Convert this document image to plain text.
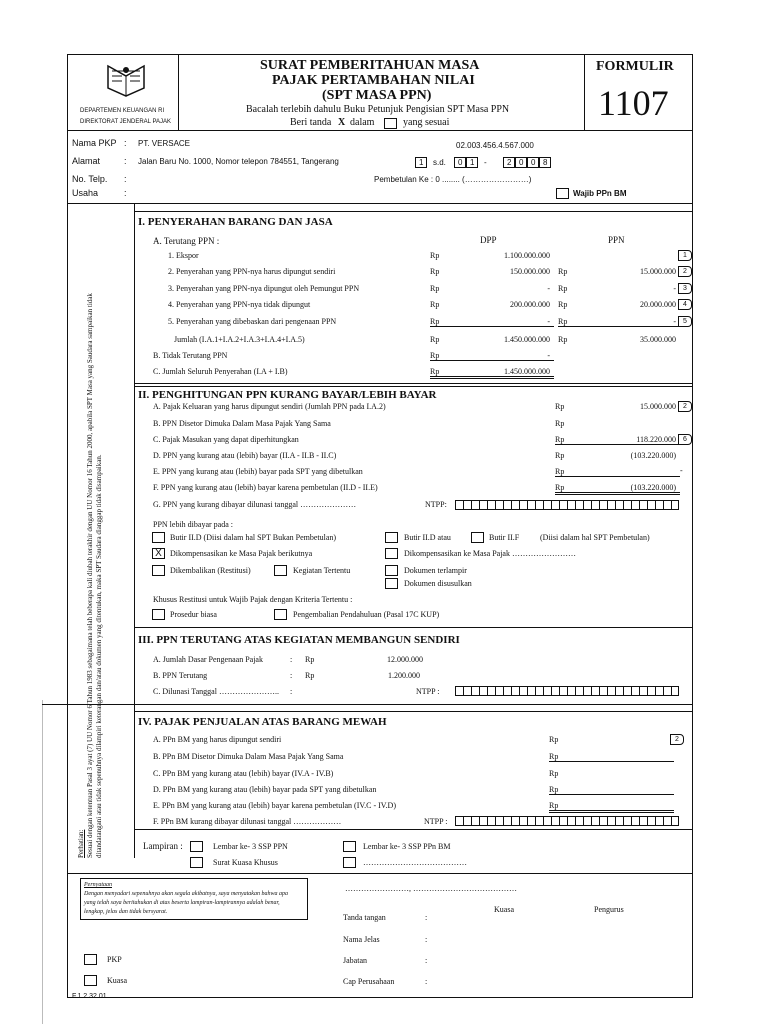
DEPARTEMEN KEUANGAN RI
DIREKTORAT JENDERAL PAJAK
SURAT PEMBERITAHUAN MASA
PAJAK PERTAMBAHAN NILAI
(SPT MASA PPN)
Bacalah terlebih dahulu Buku Petunjuk Pengisian SPT Masa PPN
Beri tanda X dalam	yang sesuai
FORMULIR
1107
Nama PKP : PT. VERSACE	02.003.456.4.567.000
Alamat	: Jalan Baru No. 1000, Nomor telepon 784551, Tangerang	1	s.d.	0 1	-	2 0 0 8
No. Telp. :	Pembetulan Ke : 0 ........ (……………………)
Usaha	:	Wajib PPn BM
Perhatian: Sesuai dengan ketentuan Pasal 3 ayat (7) UU Nomor 6 Tahun 1983 sebagaimana telah beberapa kali diubah terakhir dengan UU Nomor 16 Tahun 2000, apabila SPT Masa yang Saudara sampaikan tidak ditandatangani atau tidak sepenuhnya dilampiri keterangan dan/atau dokumen yang ditentukan, maka SPT Saudara dianggap tidak disampaikan.
I. PENYERAHAN BARANG DAN JASA
A. Terutang PPN :	DPP	PPN
1. Ekspor	Rp	1.100.000.000	1
2. Penyerahan yang PPN-nya harus dipungut sendiri	Rp	150.000.000 Rp	15.000.000	2
3. Penyerahan yang PPN-nya dipungut oleh Pemungut PPN	Rp	- Rp	-	3
4. Penyerahan yang PPN-nya tidak dipungut	Rp	200.000.000 Rp	20.000.000	4
5. Penyerahan yang dibebaskan dari pengenaan PPN	Rp	- Rp	-	5
Jumlah (I.A.1+I.A.2+I.A.3+I.A.4+I.A.5)	Rp	1.450.000.000 Rp	35.000.000
B. Tidak Terutang PPN	Rp	-
C. Jumlah Seluruh Penyerahan (I.A + I.B)	Rp	1.450.000.000
II. PENGHITUNGAN PPN KURANG BAYAR/LEBIH BAYAR
A. Pajak Keluaran yang harus dipungut sendiri (Jumlah PPN pada I.A.2)	Rp	15.000.000	2
B. PPN Disetor Dimuka Dalam Masa Pajak Yang Sama	Rp
C. Pajak Masukan yang dapat diperhitungkan	Rp	118.220.000	6
D. PPN yang kurang atau (lebih) bayar (II.A - II.B - II.C)	Rp	(103.220.000)
E. PPN yang kurang atau (lebih) bayar pada SPT yang dibetulkan	Rp	-
F. PPN yang kurang atau (lebih) bayar karena pembetulan (II.D - II.E)	Rp	(103.220.000)
G. PPN yang kurang dibayar dilunasi tanggal …………………	NTPP:
PPN lebih dibayar pada :
Butir II.D (Diisi dalam hal SPT Bukan Pembetulan)	Butir II.D atau	Butir II.F	(Diisi dalam hal SPT Pembetulan)
X	Dikompensasikan ke Masa Pajak berikutnya	Dikompensasikan ke Masa Pajak ……………………
Dikembalikan (Restitusi)	Kegiatan Tertentu	Dokumen terlampir
Dokumen disusulkan
Khusus Restitusi untuk Wajib Pajak dengan Kriteria Tertentu :
Prosedur biasa	Pengembalian Pendahuluan (Pasal 17C KUP)
III. PPN TERUTANG ATAS KEGIATAN MEMBANGUN SENDIRI
A. Jumlah Dasar Pengenaan Pajak	: Rp	12.000.000
B. PPN Terutang	: Rp	1.200.000
C. Dilunasi Tanggal ………………….. :	NTPP :
IV. PAJAK PENJUALAN ATAS BARANG MEWAH
A. PPn BM yang harus dipungut sendiri	Rp	2
B. PPn BM Disetor Dimuka Dalam Masa Pajak Yang Sama	Rp
C. PPn BM yang kurang atau (lebih) bayar (IV.A - IV.B)	Rp
D. PPn BM yang kurang atau (lebih) bayar pada SPT yang dibetulkan	Rp
E. PPn BM yang kurang atau (lebih) bayar karena pembetulan (IV.C - IV.D)	Rp
F. PPn BM kurang dibayar dilunasi tanggal ………………	NTPP :
Lampiran :	Lembar ke- 3 SSP PPN	Lembar ke- 3 SSP PPn BM
Surat Kuasa Khusus	…………………………………
Pernyataan
Dengan menyadari sepenuhnya akan segala akibatnya, saya menyatakan bahwa apa
yang telah saya beritahukan di atas beserta lampiran-lampirannya adalah benar,
lengkap, jelas dan tidak bersyarat.
……………………, …………………………………
Kuasa	Pengurus
Tanda tangan	:
Nama Jelas	:
Jabatan	:
Cap Perusahaan	:
PKP
Kuasa
F.1.2.32.01
